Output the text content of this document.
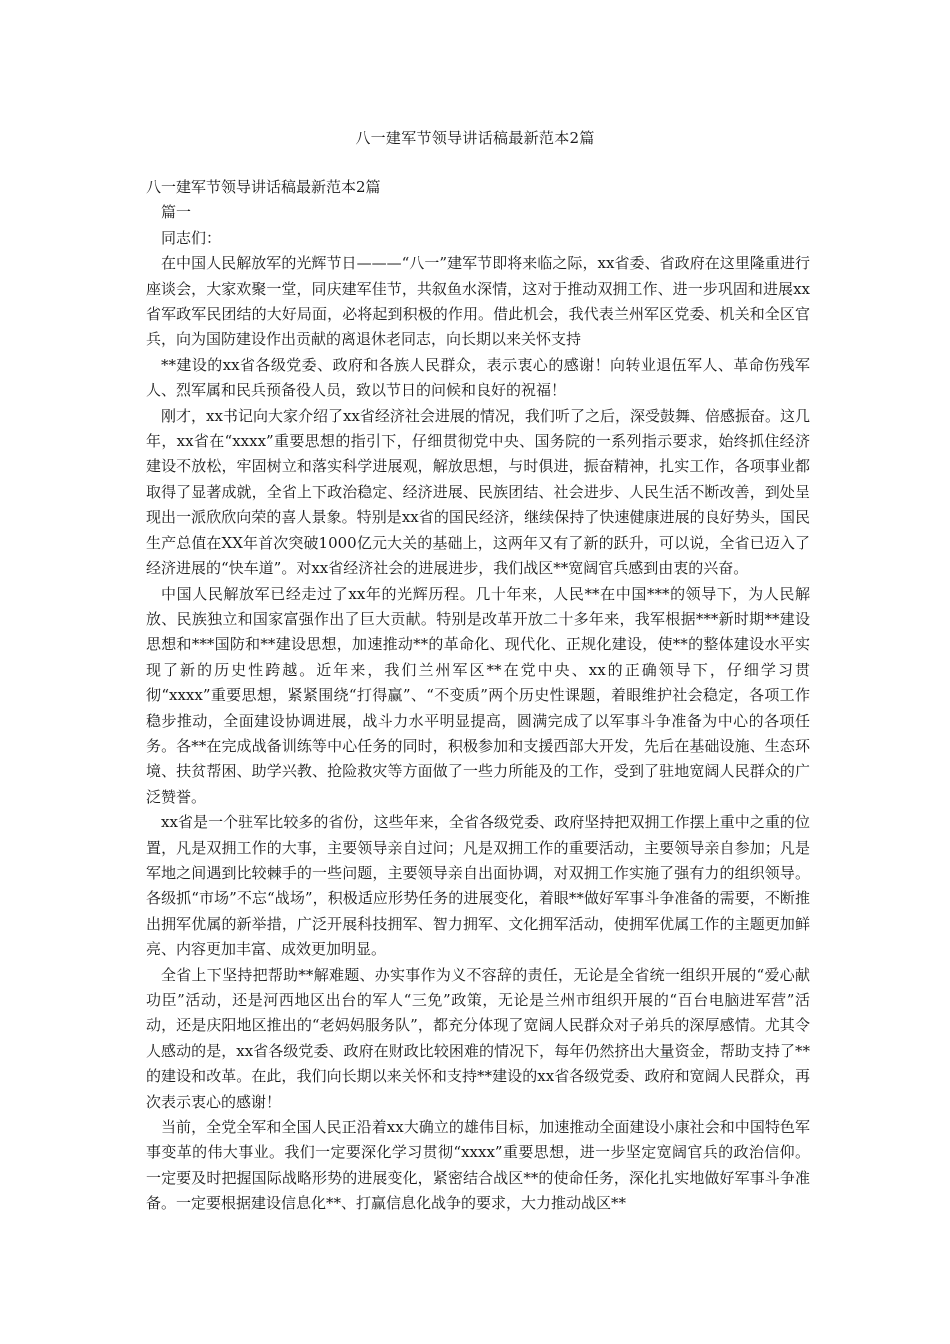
八一建军节领导讲话稿最新范本2篇

八一建军节领导讲话稿最新范本2篇

篇一

同志们：

在中国人民解放军的光辉节日———“八一”建军节即将来临之际，xx省委、省政府在这里隆重进行座谈会，大家欢聚一堂，同庆建军佳节，共叙鱼水深情，这对于推动双拥工作、进一步巩固和进展xx省军政军民团结的大好局面，必将起到积极的作用。借此机会，我代表兰州军区党委、机关和全区官兵，向为国防建设作出贡献的离退休老同志，向长期以来关怀支持

**建设的xx省各级党委、政府和各族人民群众，表示衷心的感谢！向转业退伍军人、革命伤残军人、烈军属和民兵预备役人员，致以节日的问候和良好的祝福！

刚才，xx书记向大家介绍了xx省经济社会进展的情况，我们听了之后，深受鼓舞、倍感振奋。这几年，xx省在“xxxx”重要思想的指引下，仔细贯彻党中央、国务院的一系列指示要求，始终抓住经济建设不放松，牢固树立和落实科学进展观，解放思想，与时俱进，振奋精神，扎实工作，各项事业都取得了显著成就，全省上下政治稳定、经济进展、民族团结、社会进步、人民生活不断改善，到处呈现出一派欣欣向荣的喜人景象。特别是xx省的国民经济，继续保持了快速健康进展的良好势头，国民生产总值在XX年首次突破1000亿元大关的基础上，这两年又有了新的跃升，可以说，全省已迈入了经济进展的“快车道”。对xx省经济社会的进展进步，我们战区**宽阔官兵感到由衷的兴奋。

中国人民解放军已经走过了xx年的光辉历程。几十年来，人民**在中国***的领导下，为人民解放、民族独立和国家富强作出了巨大贡献。特别是改革开放二十多年来，我军根据***新时期**建设思想和***国防和**建设思想，加速推动**的革命化、现代化、正规化建设，使**的整体建设水平实现了新的历史性跨越。近年来，我们兰州军区**在党中央、xx的正确领导下，仔细学习贯彻“xxxx”重要思想，紧紧围绕“打得赢”、“不变质”两个历史性课题，着眼维护社会稳定，各项工作稳步推动，全面建设协调进展，战斗力水平明显提高，圆满完成了以军事斗争准备为中心的各项任务。各**在完成战备训练等中心任务的同时，积极参加和支援西部大开发，先后在基础设施、生态环境、扶贫帮困、助学兴教、抢险救灾等方面做了一些力所能及的工作，受到了驻地宽阔人民群众的广泛赞誉。

xx省是一个驻军比较多的省份，这些年来，全省各级党委、政府坚持把双拥工作摆上重中之重的位置，凡是双拥工作的大事，主要领导亲自过问；凡是双拥工作的重要活动，主要领导亲自参加；凡是军地之间遇到比较棘手的一些问题，主要领导亲自出面协调，对双拥工作实施了强有力的组织领导。各级抓“市场”不忘“战场”，积极适应形势任务的进展变化，着眼**做好军事斗争准备的需要，不断推出拥军优属的新举措，广泛开展科技拥军、智力拥军、文化拥军活动，使拥军优属工作的主题更加鲜亮、内容更加丰富、成效更加明显。

全省上下坚持把帮助**解难题、办实事作为义不容辞的责任，无论是全省统一组织开展的“爱心献功臣”活动，还是河西地区出台的军人“三免”政策，无论是兰州市组织开展的“百台电脑进军营”活动，还是庆阳地区推出的“老妈妈服务队”，都充分体现了宽阔人民群众对子弟兵的深厚感情。尤其令人感动的是，xx省各级党委、政府在财政比较困难的情况下，每年仍然挤出大量资金，帮助支持了**的建设和改革。在此，我们向长期以来关怀和支持**建设的xx省各级党委、政府和宽阔人民群众，再次表示衷心的感谢！

当前，全党全军和全国人民正沿着xx大确立的雄伟目标，加速推动全面建设小康社会和中国特色军事变革的伟大事业。我们一定要深化学习贯彻“xxxx”重要思想，进一步坚定宽阔官兵的政治信仰。一定要及时把握国际战略形势的进展变化，紧密结合战区**的使命任务，深化扎实地做好军事斗争准备。一定要根据建设信息化**、打赢信息化战争的要求，大力推动战区**
